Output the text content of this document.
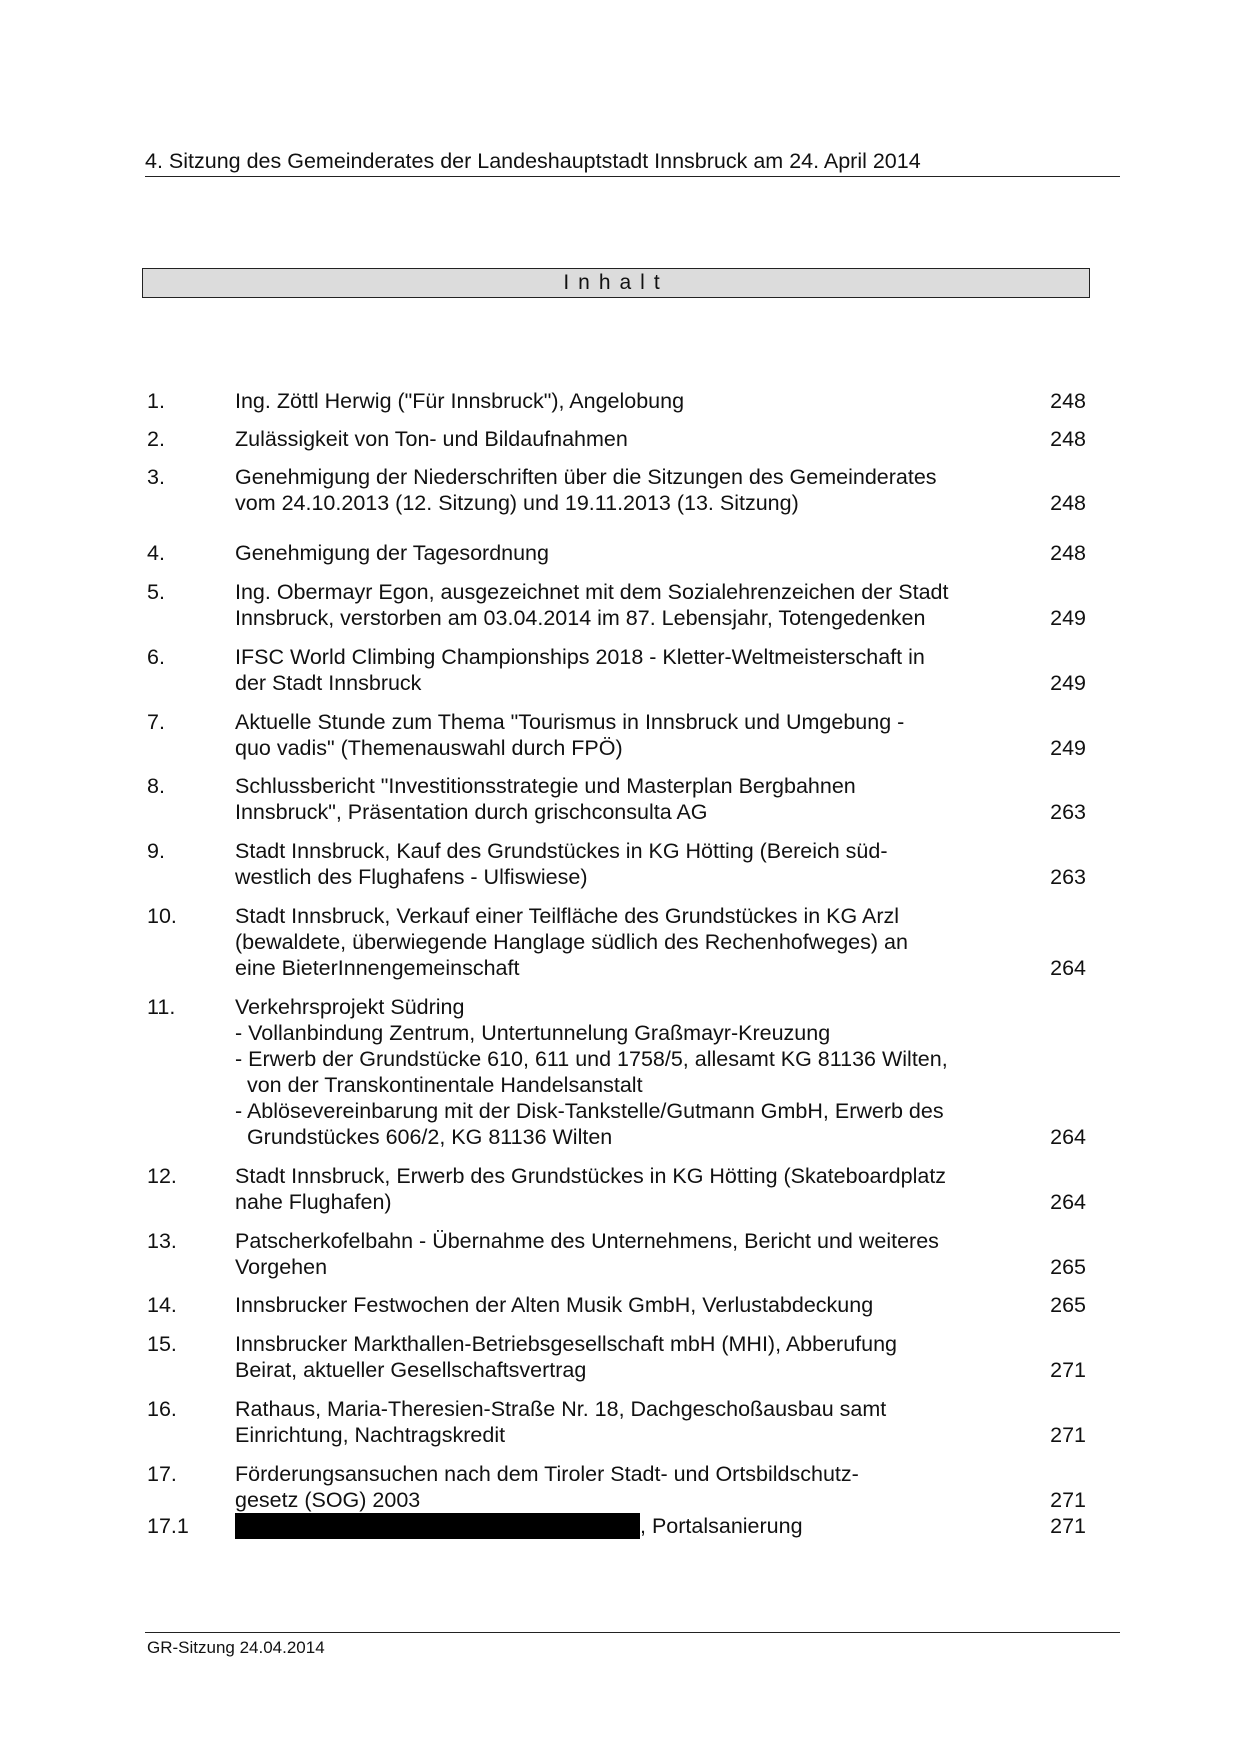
4. Sitzung des Gemeinderates der Landeshauptstadt Innsbruck am 24. April 2014
Inhalt
1.	Ing. Zöttl Herwig ("Für Innsbruck"), Angelobung	248
2.	Zulässigkeit von Ton- und Bildaufnahmen	248
3.	Genehmigung der Niederschriften über die Sitzungen des Gemeinderates
vom 24.10.2013 (12. Sitzung) und 19.11.2013 (13. Sitzung)	248
4.	Genehmigung der Tagesordnung	248
5.	Ing. Obermayr Egon, ausgezeichnet mit dem Sozialehrenzeichen der Stadt
Innsbruck, verstorben am 03.04.2014 im 87. Lebensjahr, Totengedenken	249
6.	IFSC World Climbing Championships 2018 - Kletter-Weltmeisterschaft in
der Stadt Innsbruck	249
7.	Aktuelle Stunde zum Thema "Tourismus in Innsbruck und Umgebung -
quo vadis" (Themenauswahl durch FPÖ)	249
8.	Schlussbericht "Investitionsstrategie und Masterplan Bergbahnen
Innsbruck", Präsentation durch grischconsulta AG	263
9.	Stadt Innsbruck, Kauf des Grundstückes in KG Hötting (Bereich süd-
westlich des Flughafens - Ulfiswiese)	263
10.	Stadt Innsbruck, Verkauf einer Teilfläche des Grundstückes in KG Arzl
(bewaldete, überwiegende Hanglage südlich des Rechenhofweges) an
eine BieterInnengemeinschaft	264
11.	Verkehrsprojekt Südring
- Vollanbindung Zentrum, Untertunnelung Graßmayr-Kreuzung
- Erwerb der Grundstücke 610, 611 und 1758/5, allesamt KG 81136 Wilten,
von der Transkontinentale Handelsanstalt
- Ablösevereinbarung mit der Disk-Tankstelle/Gutmann GmbH, Erwerb des
Grundstückes 606/2, KG 81136 Wilten	264
12.	Stadt Innsbruck, Erwerb des Grundstückes in KG Hötting (Skateboardplatz
nahe Flughafen)	264
13.	Patscherkofelbahn - Übernahme des Unternehmens, Bericht und weiteres
Vorgehen	265
14.	Innsbrucker Festwochen der Alten Musik GmbH, Verlustabdeckung	265
15.	Innsbrucker Markthallen-Betriebsgesellschaft mbH (MHI), Abberufung
Beirat, aktueller Gesellschaftsvertrag	271
16.	Rathaus, Maria-Theresien-Straße Nr. 18, Dachgeschoßausbau samt
Einrichtung, Nachtragskredit	271
17.	Förderungsansuchen nach dem Tiroler Stadt- und Ortsbildschutz-
gesetz (SOG) 2003	271
17.1	, Portalsanierung	271
GR-Sitzung 24.04.2014
